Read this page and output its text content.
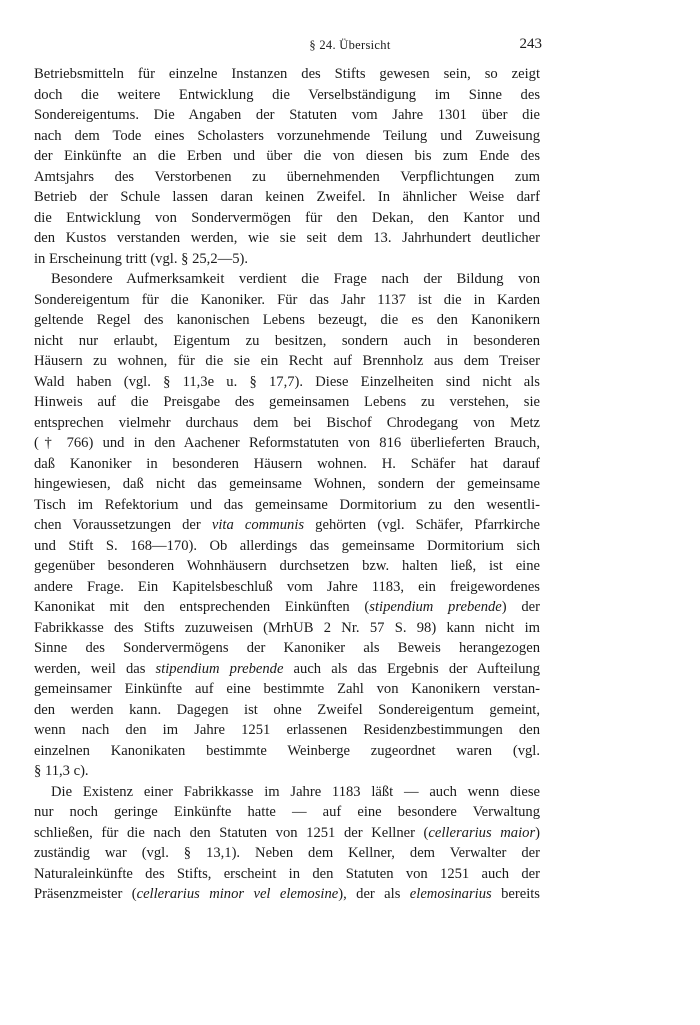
§ 24. Übersicht	243
Betriebsmitteln für einzelne Instanzen des Stifts gewesen sein, so zeigt
doch die weitere Entwicklung die Verselbständigung im Sinne des
Sondereigentums. Die Angaben der Statuten vom Jahre 1301 über die
nach dem Tode eines Scholasters vorzunehmende Teilung und Zuweisung
der Einkünfte an die Erben und über die von diesen bis zum Ende des
Amtsjahrs des Verstorbenen zu übernehmenden Verpflichtungen zum
Betrieb der Schule lassen daran keinen Zweifel. In ähnlicher Weise darf
die Entwicklung von Sondervermögen für den Dekan, den Kantor und
den Kustos verstanden werden, wie sie seit dem 13. Jahrhundert deutlicher
in Erscheinung tritt (vgl. § 25,2—5).
Besondere Aufmerksamkeit verdient die Frage nach der Bildung von
Sondereigentum für die Kanoniker. Für das Jahr 1137 ist die in Karden
geltende Regel des kanonischen Lebens bezeugt, die es den Kanonikern
nicht nur erlaubt, Eigentum zu besitzen, sondern auch in besonderen
Häusern zu wohnen, für die sie ein Recht auf Brennholz aus dem Treiser
Wald haben (vgl. § 11,3e u. § 17,7). Diese Einzelheiten sind nicht als
Hinweis auf die Preisgabe des gemeinsamen Lebens zu verstehen, sie
entsprechen vielmehr durchaus dem bei Bischof Chrodegang von Metz
(† 766) und in den Aachener Reformstatuten von 816 überlieferten Brauch,
daß Kanoniker in besonderen Häusern wohnen. H. Schäfer hat darauf
hingewiesen, daß nicht das gemeinsame Wohnen, sondern der gemeinsame
Tisch im Refektorium und das gemeinsame Dormitorium zu den wesentli-
chen Voraussetzungen der vita communis gehörten (vgl. Schäfer, Pfarrkirche
und Stift S. 168—170). Ob allerdings das gemeinsame Dormitorium sich
gegenüber besonderen Wohnhäusern durchsetzen bzw. halten ließ, ist eine
andere Frage. Ein Kapitelsbeschluß vom Jahre 1183, ein freigewordenes
Kanonikat mit den entsprechenden Einkünften (stipendium prebende) der
Fabrikkasse des Stifts zuzuweisen (MrhUB 2 Nr. 57 S. 98) kann nicht im
Sinne des Sondervermögens der Kanoniker als Beweis herangezogen
werden, weil das stipendium prebende auch als das Ergebnis der Aufteilung
gemeinsamer Einkünfte auf eine bestimmte Zahl von Kanonikern verstan-
den werden kann. Dagegen ist ohne Zweifel Sondereigentum gemeint,
wenn nach den im Jahre 1251 erlassenen Residenzbestimmungen den
einzelnen Kanonikaten bestimmte Weinberge zugeordnet waren (vgl.
§ 11,3 c).
Die Existenz einer Fabrikkasse im Jahre 1183 läßt — auch wenn diese
nur noch geringe Einkünfte hatte — auf eine besondere Verwaltung
schließen, für die nach den Statuten von 1251 der Kellner (cellerarius maior)
zuständig war (vgl. § 13,1). Neben dem Kellner, dem Verwalter der
Naturaleinkünfte des Stifts, erscheint in den Statuten von 1251 auch der
Präsenzmeister (cellerarius minor vel elemosine), der als elemosinarius bereits
